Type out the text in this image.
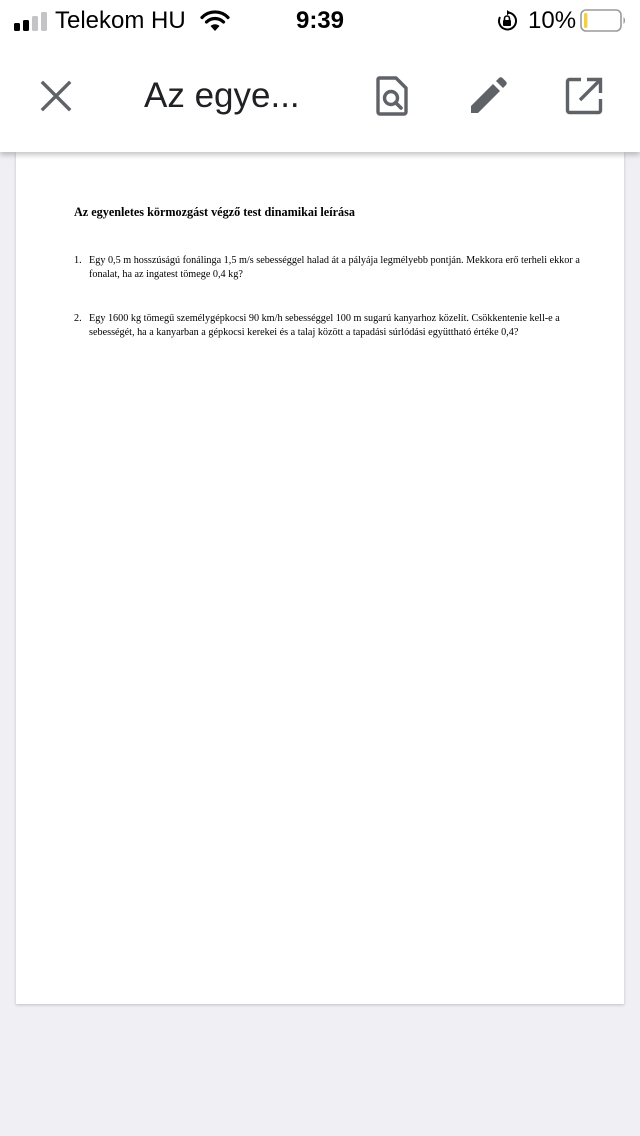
Telekom HU	9:39	10%
Az egye...
Az egyenletes körmozgást végző test dinamikai leírása
1. Egy 0,5 m hosszúságú fonálinga 1,5 m/s sebességgel halad át a pályája legmélyebb pontján. Mekkora erő terheli ekkor a fonalat, ha az ingatest tömege 0,4 kg?
2. Egy 1600 kg tömegű személygépkocsi 90 km/h sebességgel 100 m sugarú kanyarhoz közelít. Csökkentenie kell-e a sebességét, ha a kanyarban a gépkocsi kerekei és a talaj között a tapadási súrlódási együttható értéke 0,4?
